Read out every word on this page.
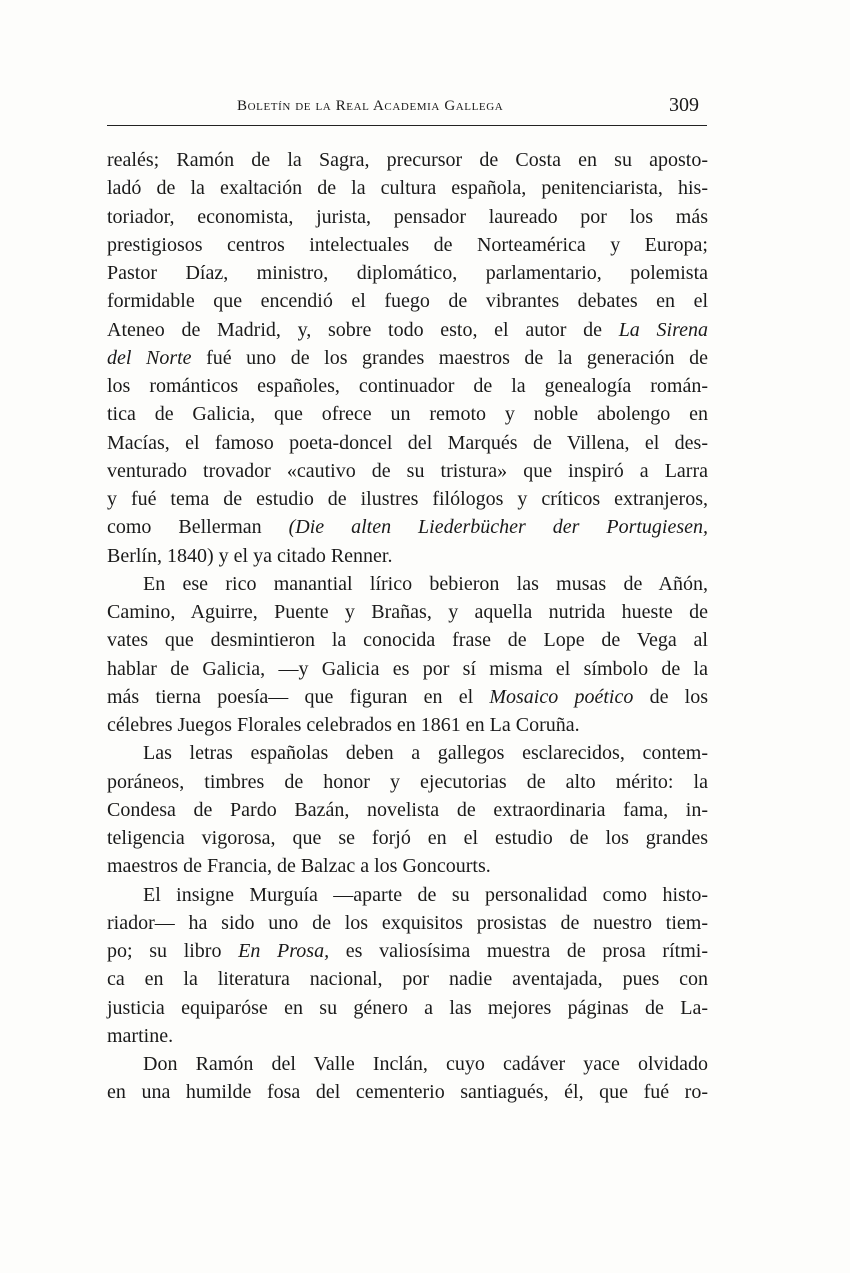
Boletín de la Real Academia Gallega	309
realés; Ramón de la Sagra, precursor de Costa en su aposto-
ladó de la exaltación de la cultura española, penitenciarista, his-
toriador, economista, jurista, pensador laureado por los más
prestigiosos centros intelectuales de Norteamérica y Europa;
Pastor Díaz, ministro, diplomático, parlamentario, polemista
formidable que encendió el fuego de vibrantes debates en el
Ateneo de Madrid, y, sobre todo esto, el autor de La Sirena
del Norte fué uno de los grandes maestros de la generación de
los románticos españoles, continuador de la genealogía román-
tica de Galicia, que ofrece un remoto y noble abolengo en
Macías, el famoso poeta-doncel del Marqués de Villena, el des-
venturado trovador «cautivo de su tristura» que inspiró a Larra
y fué tema de estudio de ilustres filólogos y críticos extranjeros,
como Bellerman (Die alten Liederbücher der Portugiesen,
Berlín, 1840) y el ya citado Renner.
En ese rico manantial lírico bebieron las musas de Añón,
Camino, Aguirre, Puente y Brañas, y aquella nutrida hueste de
vates que desmintieron la conocida frase de Lope de Vega al
hablar de Galicia, —y Galicia es por sí misma el símbolo de la
más tierna poesía— que figuran en el Mosaico poético de los
célebres Juegos Florales celebrados en 1861 en La Coruña.
Las letras españolas deben a gallegos esclarecidos, contem-
poráneos, timbres de honor y ejecutorias de alto mérito: la
Condesa de Pardo Bazán, novelista de extraordinaria fama, in-
teligencia vigorosa, que se forjó en el estudio de los grandes
maestros de Francia, de Balzac a los Goncourts.
El insigne Murguía —aparte de su personalidad como histo-
riador— ha sido uno de los exquisitos prosistas de nuestro tiem-
po; su libro En Prosa, es valiosísima muestra de prosa rítmi-
ca en la literatura nacional, por nadie aventajada, pues con
justicia equiparóse en su género a las mejores páginas de La-
martine.
Don Ramón del Valle Inclán, cuyo cadáver yace olvidado
en una humilde fosa del cementerio santiagués, él, que fué ro-
